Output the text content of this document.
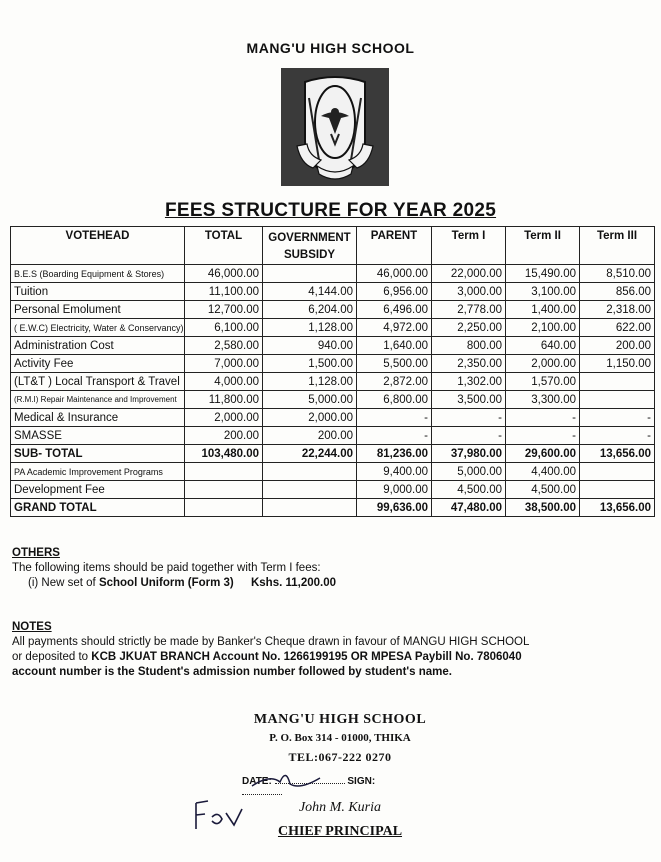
MANG'U HIGH SCHOOL
FEES STRUCTURE FOR YEAR 2025
VOTEHEAD	TOTAL	GOVERNMENT SUBSIDY	PARENT	Term I	Term II	Term III
B.E.S (Boarding Equipment & Stores)	46,000.00		46,000.00	22,000.00	15,490.00	8,510.00
Tuition	11,100.00	4,144.00	6,956.00	3,000.00	3,100.00	856.00
Personal Emolument	12,700.00	6,204.00	6,496.00	2,778.00	1,400.00	2,318.00
( E.W.C) Electricity, Water & Conservancy)	6,100.00	1,128.00	4,972.00	2,250.00	2,100.00	622.00
Administration Cost	2,580.00	940.00	1,640.00	800.00	640.00	200.00
Activity Fee	7,000.00	1,500.00	5,500.00	2,350.00	2,000.00	1,150.00
(LT&T ) Local Transport & Travel	4,000.00	1,128.00	2,872.00	1,302.00	1,570.00	
(R.M.I) Repair Maintenance and Improvement	11,800.00	5,000.00	6,800.00	3,500.00	3,300.00	
Medical & Insurance	2,000.00	2,000.00	-	-	-	-
SMASSE	200.00	200.00	-	-	-	-
SUB- TOTAL	103,480.00	22,244.00	81,236.00	37,980.00	29,600.00	13,656.00
PA Academic Improvement Programs			9,400.00	5,000.00	4,400.00	
Development Fee			9,000.00	4,500.00	4,500.00	
GRAND TOTAL			99,636.00	47,480.00	38,500.00	13,656.00
OTHERS
The following items should be paid together with Term I fees:
(i) New set of School Uniform (Form 3) Kshs. 11,200.00
NOTES
All payments should strictly be made by Banker's Cheque drawn in favour of MANGU HIGH SCHOOL
or deposited to KCB JKUAT BRANCH Account No. 1266199195 OR MPESA Paybill No. 7806040
account number is the Student's admission number followed by student's name.
MANG'U HIGH SCHOOL
P. O. Box 314 - 01000, THIKA
TEL:067-222 0270
DATE:	SIGN:
John M. Kuria
CHIEF PRINCIPAL
